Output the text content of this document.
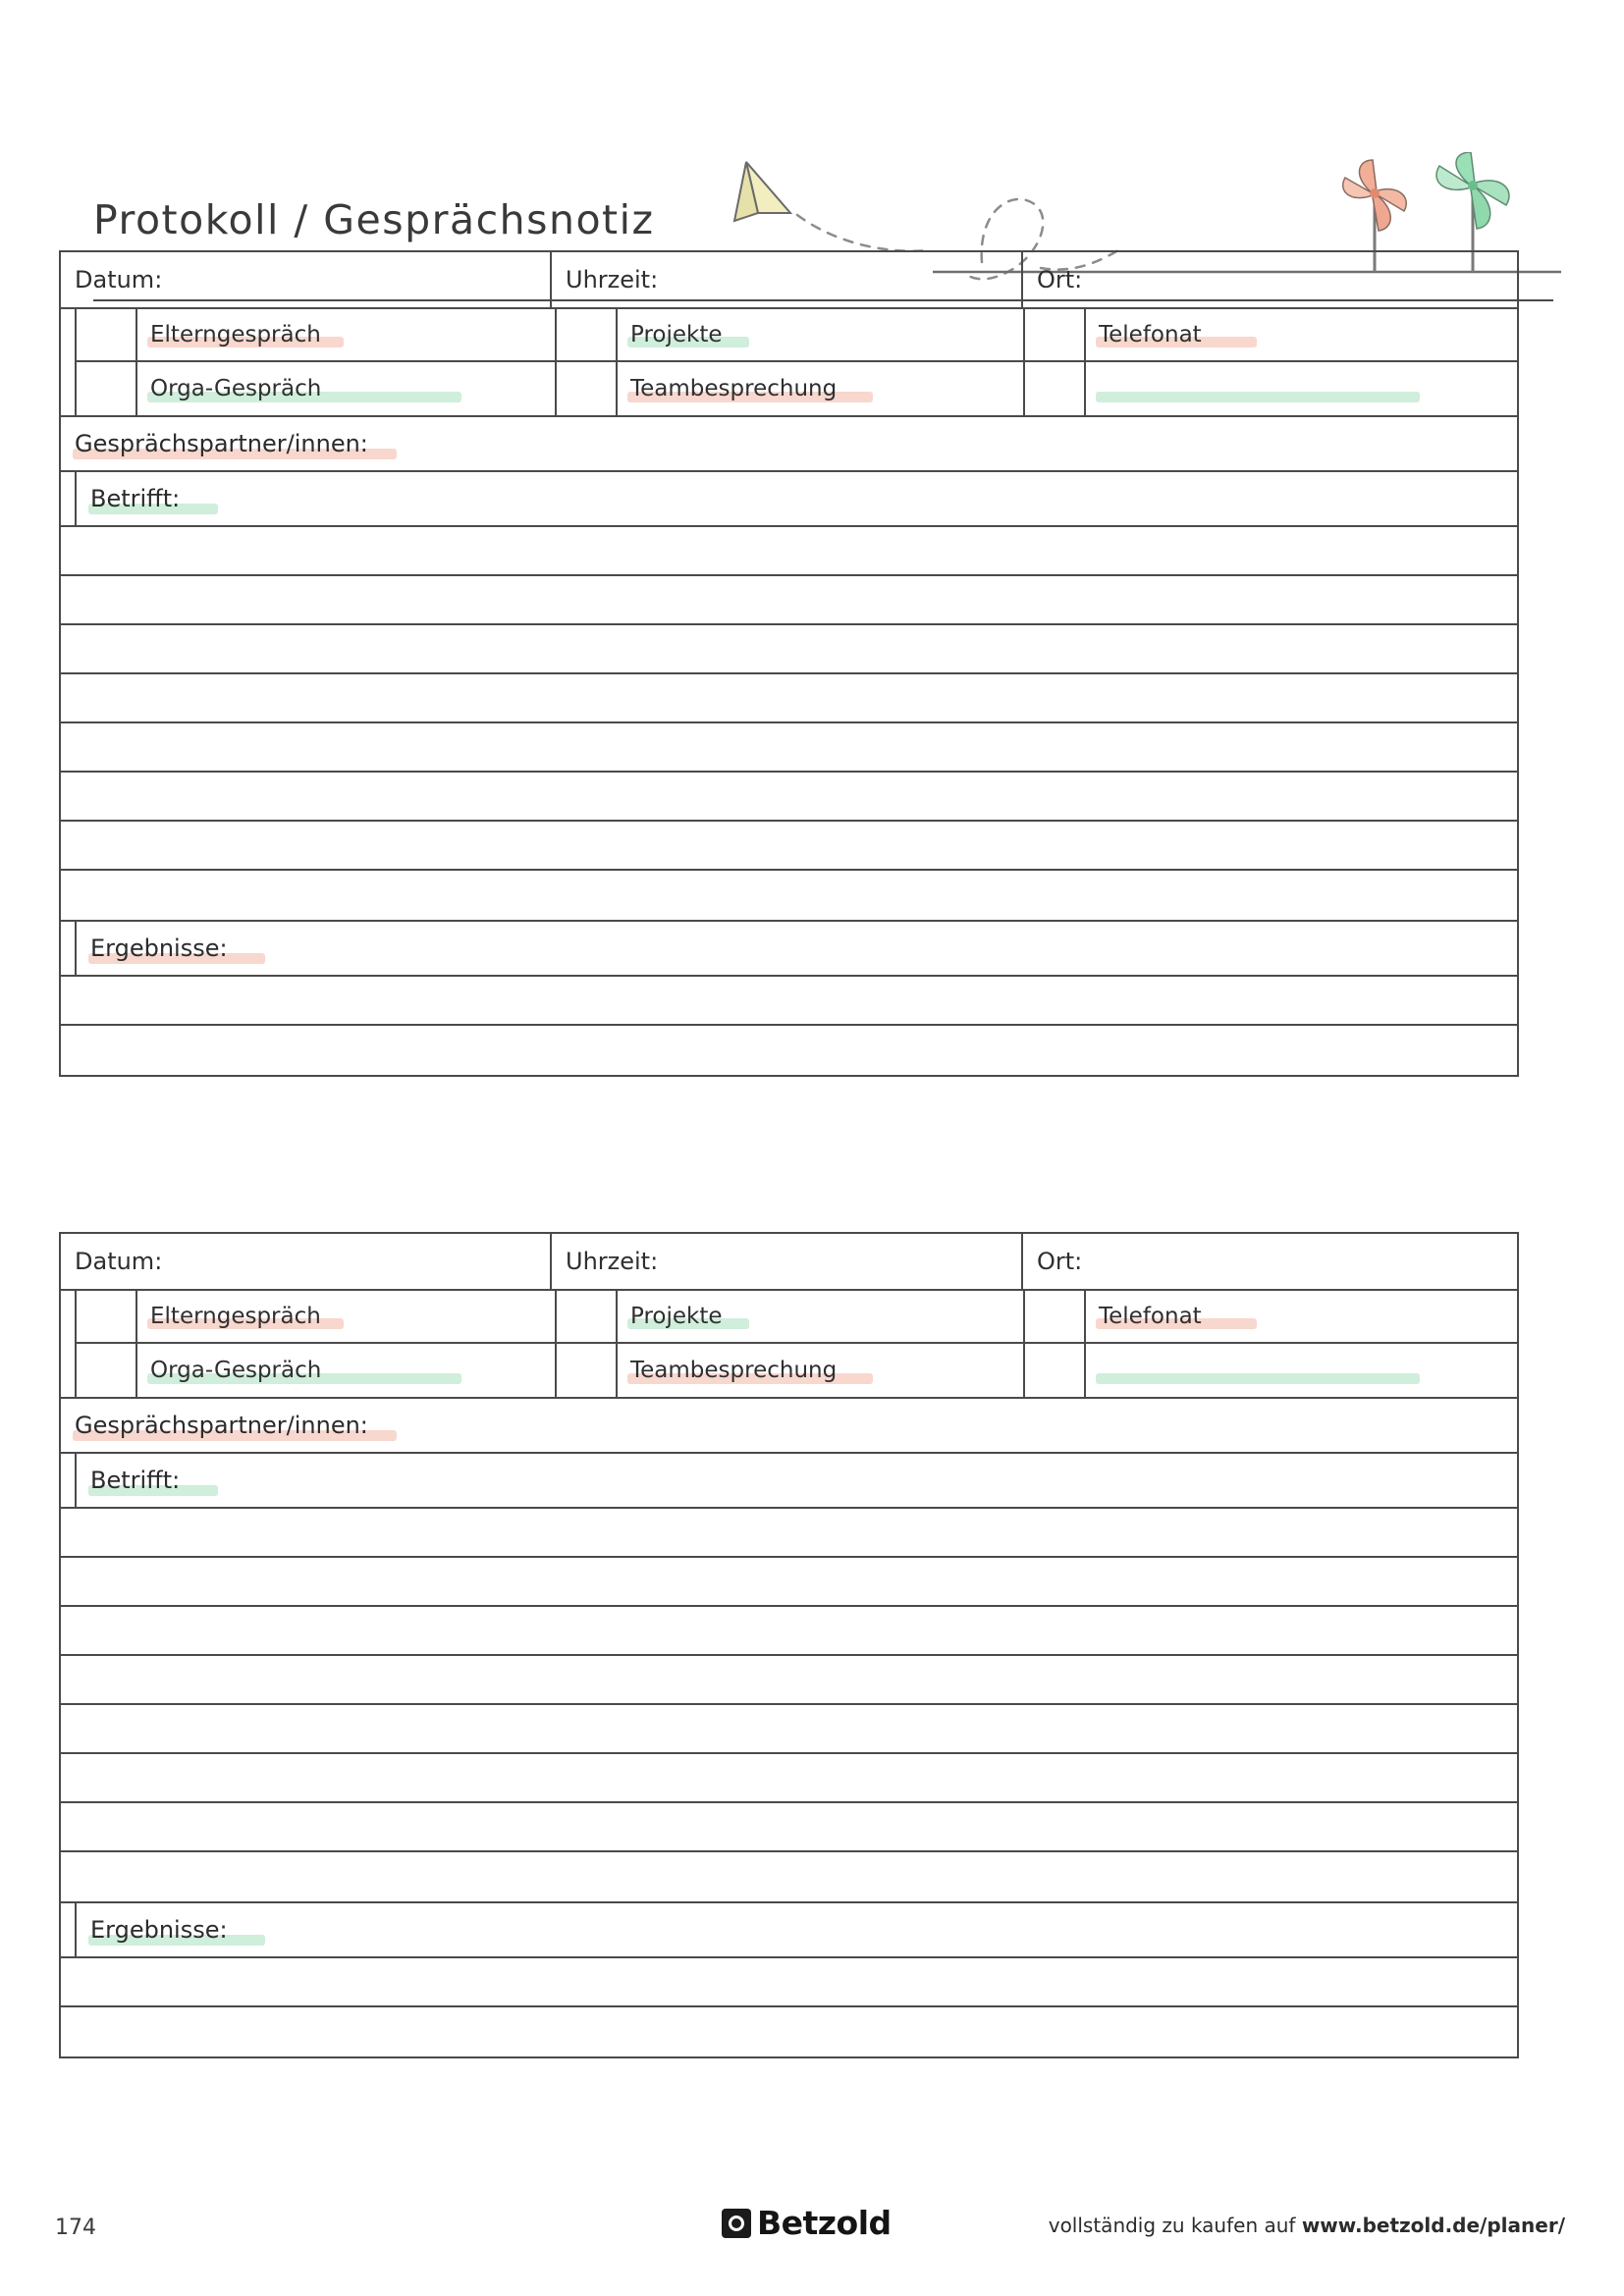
Protokoll / Gesprächsnotiz
Datum:	Uhrzeit:	Ort:
Elterngespräch	Projekte	Telefonat
Orga-Gespräch	Teambesprechung
Gesprächspartner/innen:
Betrifft:
Ergebnisse:
Datum:	Uhrzeit:	Ort:
Elterngespräch	Projekte	Telefonat
Orga-Gespräch	Teambesprechung
Gesprächspartner/innen:
Betrifft:
Ergebnisse:
174	Betzold	vollständig zu kaufen auf www.betzold.de/planer/
